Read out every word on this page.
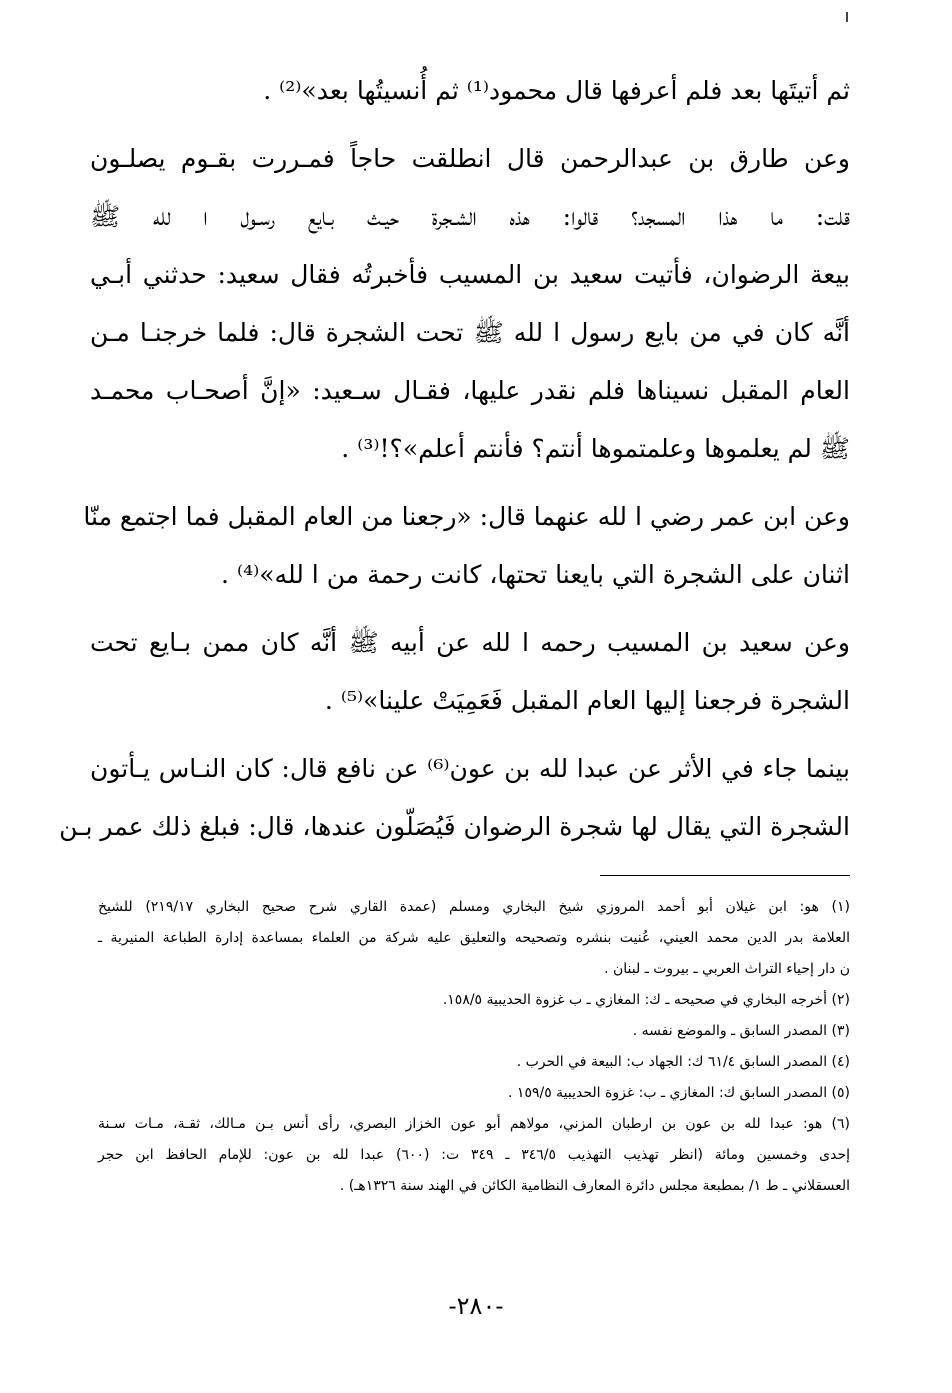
ثم أتيتَها بعد فلم أعرفها قال محمود⁽¹⁾ ثم أُنسيتُها بعد»⁽²⁾ .
وعن طارق بن عبدالرحمن قال انطلقت حاجاً فمـررت بقـوم يصلـون
قلت: ما هذا المسجد؟ قالوا: هذه الشـجرة حيـث بـايع رسـول ا لله ﷺ
بيعة الرضوان، فأتيت سعيد بن المسيب فأخبرتُه فقال سعيد: حدثني أبـي
أنَّه كان في من بايع رسول ا لله ﷺ تحت الشجرة قال: فلما خرجنـا مـن
العام المقبل نسيناها فلم نقدر عليها، فقـال سـعيد: «إنَّ أصحـاب محمـد
ﷺ لم يعلموها وعلمتموها أنتم؟ فأنتم أعلم»؟!⁽³⁾ .
وعن ابن عمر رضي ا لله عنهما قال: «رجعنا من العام المقبل فما اجتمع منّا
اثنان على الشجرة التي بايعنا تحتها، كانت رحمة من ا لله»⁽⁴⁾ .
وعن سعيد بن المسيب رحمه ا لله عن أبيه ﷺ أنَّه كان ممن بـايع تحت
الشجرة فرجعنا إليها العام المقبل فَعَمِيَتْ علينا»⁽⁵⁾ .
بينما جاء في الأثر عن عبدا لله بن عون⁽⁶⁾ عن نافع قال: كان النـاس يـأتون
الشجرة التي يقال لها شجرة الرضوان فَيُصَلّون عندها، قال: فبلغ ذلك عمر بـن
(١) هو: ابن غيلان أبو أحمد المروزي شيخ البخاري ومسلم (عمدة القاري شرح صحيح البخاري ٢١٩/١٧) للشيخ
العلامة بدر الدين محمد العيني، عُنيت بنشره وتصحيحه والتعليق عليه شركة من العلماء بمساعدة إدارة الطباعة المنيرية ـ
ن دار إحياء التراث العربي ـ بيروت ـ لبنان .
(٢) أخرجه البخاري في صحيحه ـ ك: المغازي ـ ب غزوة الحديبية ١٥٨/٥.
(٣) المصدر السابق ـ والموضع نفسه .
(٤) المصدر السابق ٦١/٤ ك: الجهاد ب: البيعة في الحرب .
(٥) المصدر السابق ك: المغازي ـ ب: غزوة الحديبية ١٥٩/٥ .
(٦) هو: عبدا لله بن عون بن ارطبان المزني، مولاهم أبو عون الخزاز البصري، رأى أنس بـن مـالك، ثقـة، مـات سـنة
إحدى وخمسين ومائة (انظر تهذيب التهذيب ٣٤٦/٥ ـ ٣٤٩ ت: (٦٠٠) عبدا لله بن عون: للإمام الحافظ ابن حجر
العسقلاني ـ ط ١/ بمطبعة مجلس دائرة المعارف النظامية الكائن في الهند سنة ١٣٢٦هـ) .
-٢٨٠-
